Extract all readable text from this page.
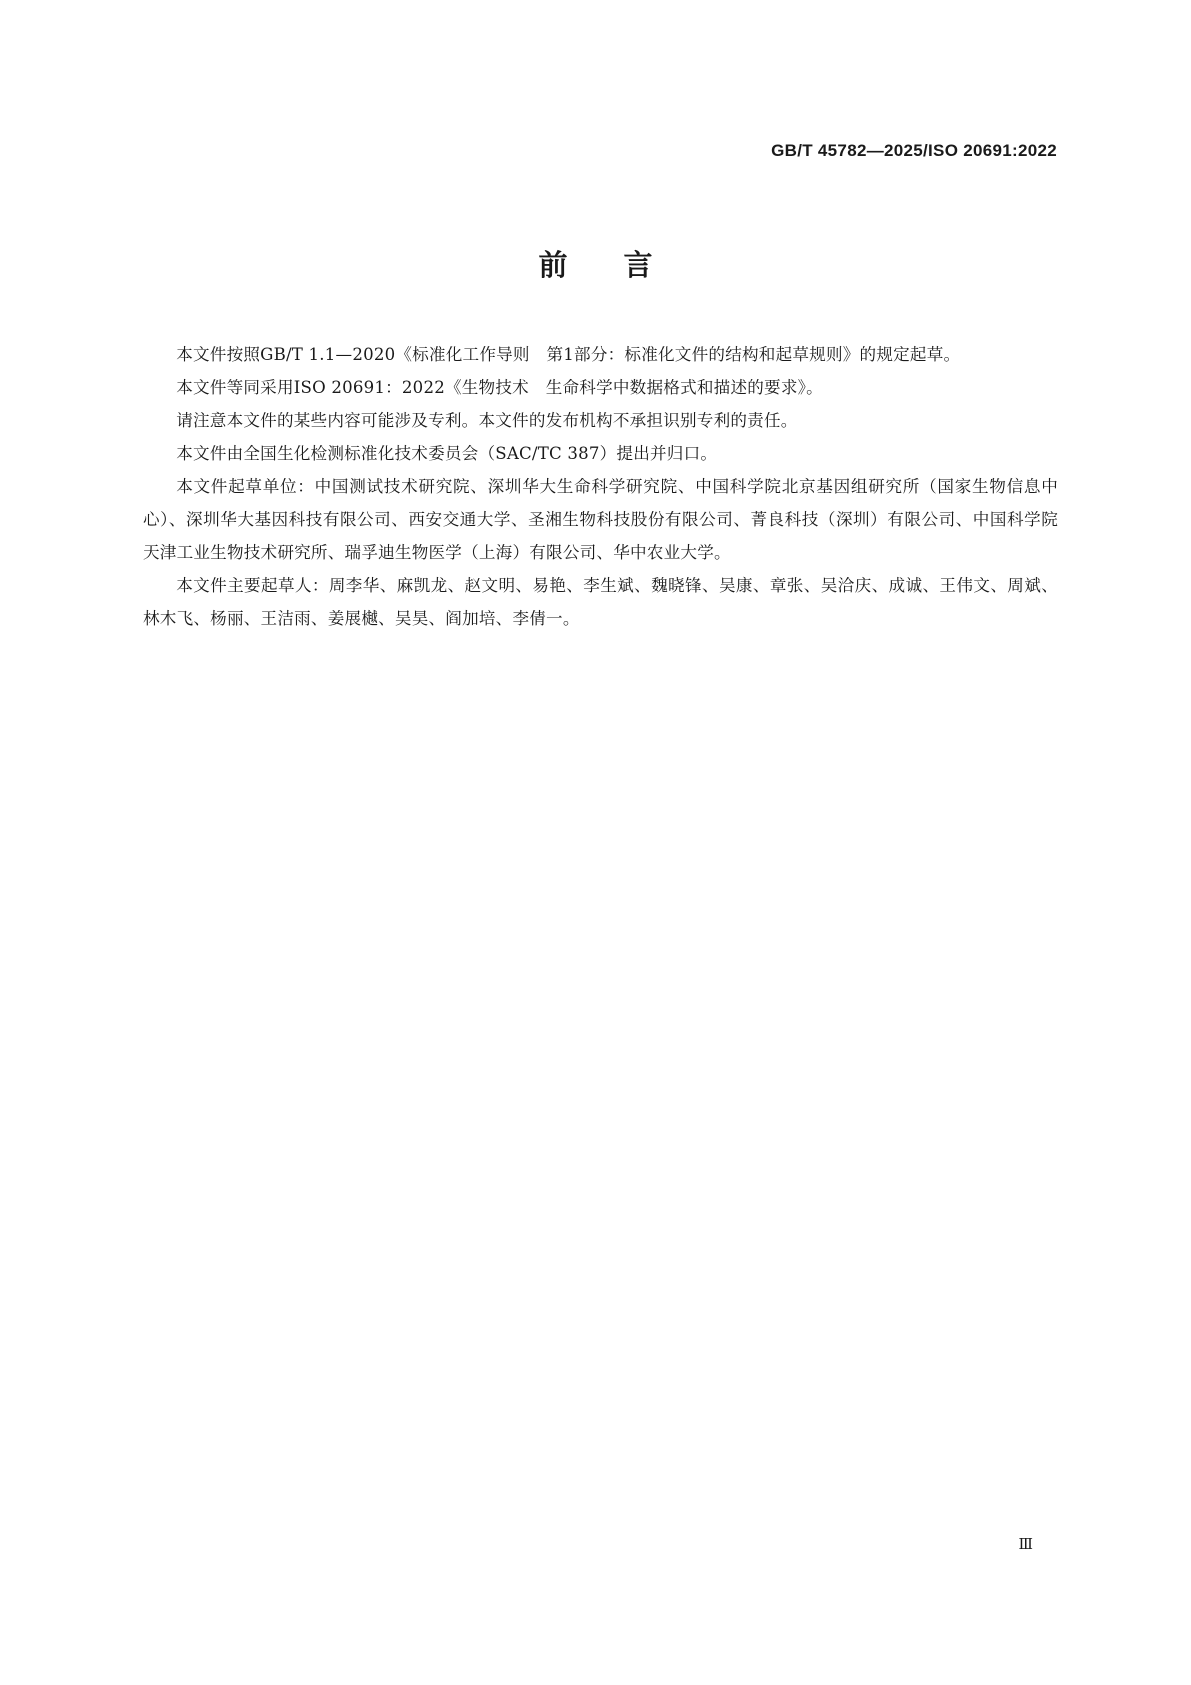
GB/T 45782—2025/ISO 20691:2022
前言

本文件按照GB/T 1.1—2020《标准化工作导则　第1部分：标准化文件的结构和起草规则》的规定起草。

本文件等同采用ISO 20691：2022《生物技术　生命科学中数据格式和描述的要求》。

请注意本文件的某些内容可能涉及专利。本文件的发布机构不承担识别专利的责任。

本文件由全国生化检测标准化技术委员会（SAC/TC 387）提出并归口。

本文件起草单位：中国测试技术研究院、深圳华大生命科学研究院、中国科学院北京基因组研究所（国家生物信息中心）、深圳华大基因科技有限公司、西安交通大学、圣湘生物科技股份有限公司、菁良科技（深圳）有限公司、中国科学院天津工业生物技术研究所、瑞孚迪生物医学（上海）有限公司、华中农业大学。

本文件主要起草人：周李华、麻凯龙、赵文明、易艳、李生斌、魏晓锋、吴康、章张、吴洽庆、成诚、王伟文、周斌、林木飞、杨丽、王洁雨、姜展樾、吴昊、阎加培、李倩一。

Ⅲ
